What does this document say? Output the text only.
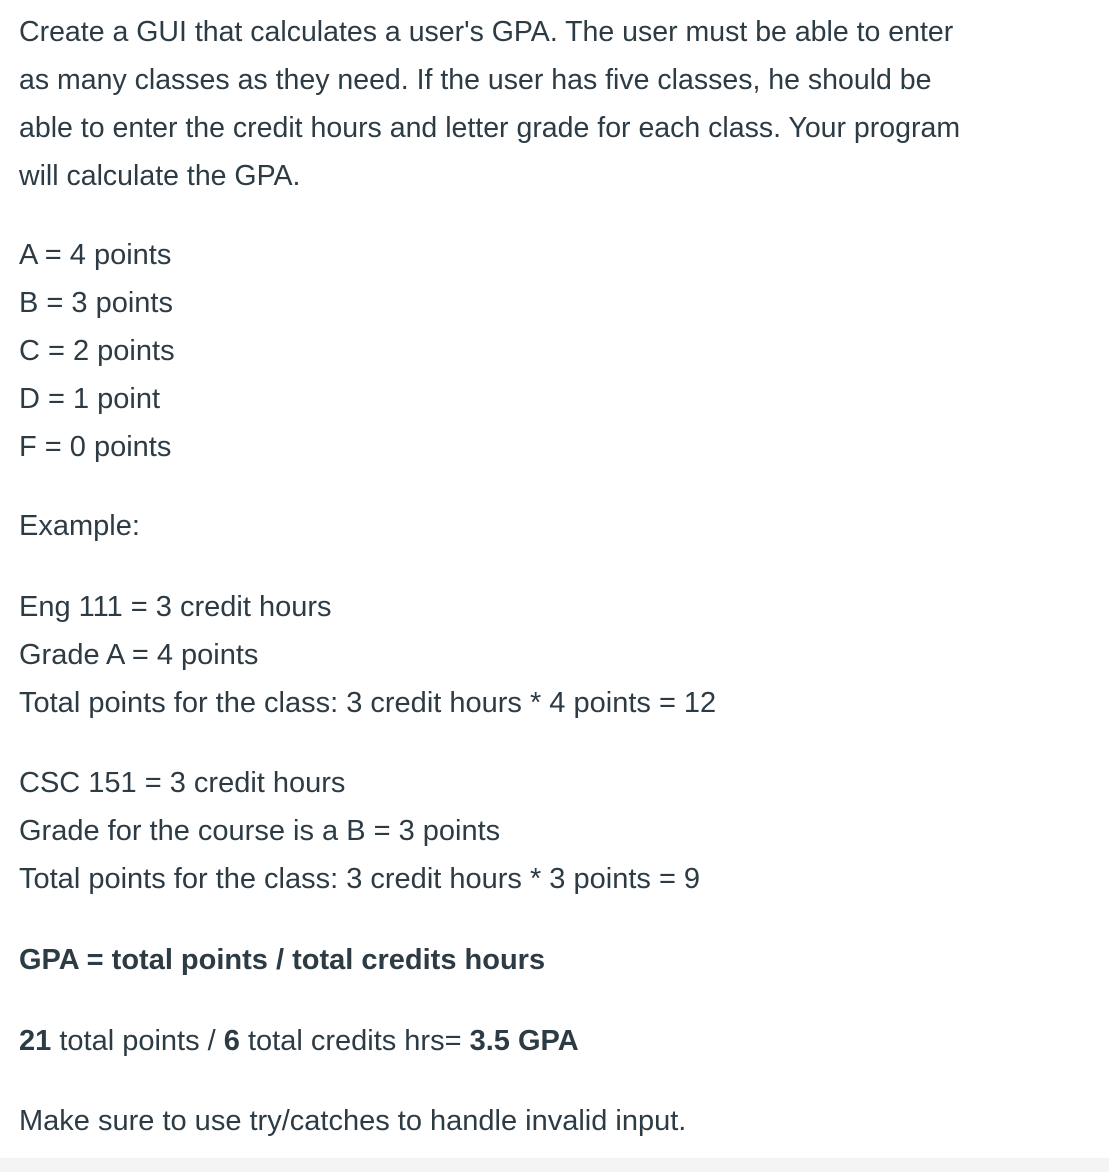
Create a GUI that calculates a user's GPA. The user must be able to enter
as many classes as they need. If the user has five classes, he should be
able to enter the credit hours and letter grade for each class. Your program
will calculate the GPA.
A = 4 points
B = 3 points
C = 2 points
D = 1 point
F = 0 points
Example:
Eng 111 = 3 credit hours
Grade A = 4 points
Total points for the class: 3 credit hours * 4 points = 12
CSC 151 = 3 credit hours
Grade for the course is a B = 3 points
Total points for the class: 3 credit hours * 3 points = 9
GPA = total points / total credits hours
21 total points / 6 total credits hrs= 3.5 GPA
Make sure to use try/catches to handle invalid input.
